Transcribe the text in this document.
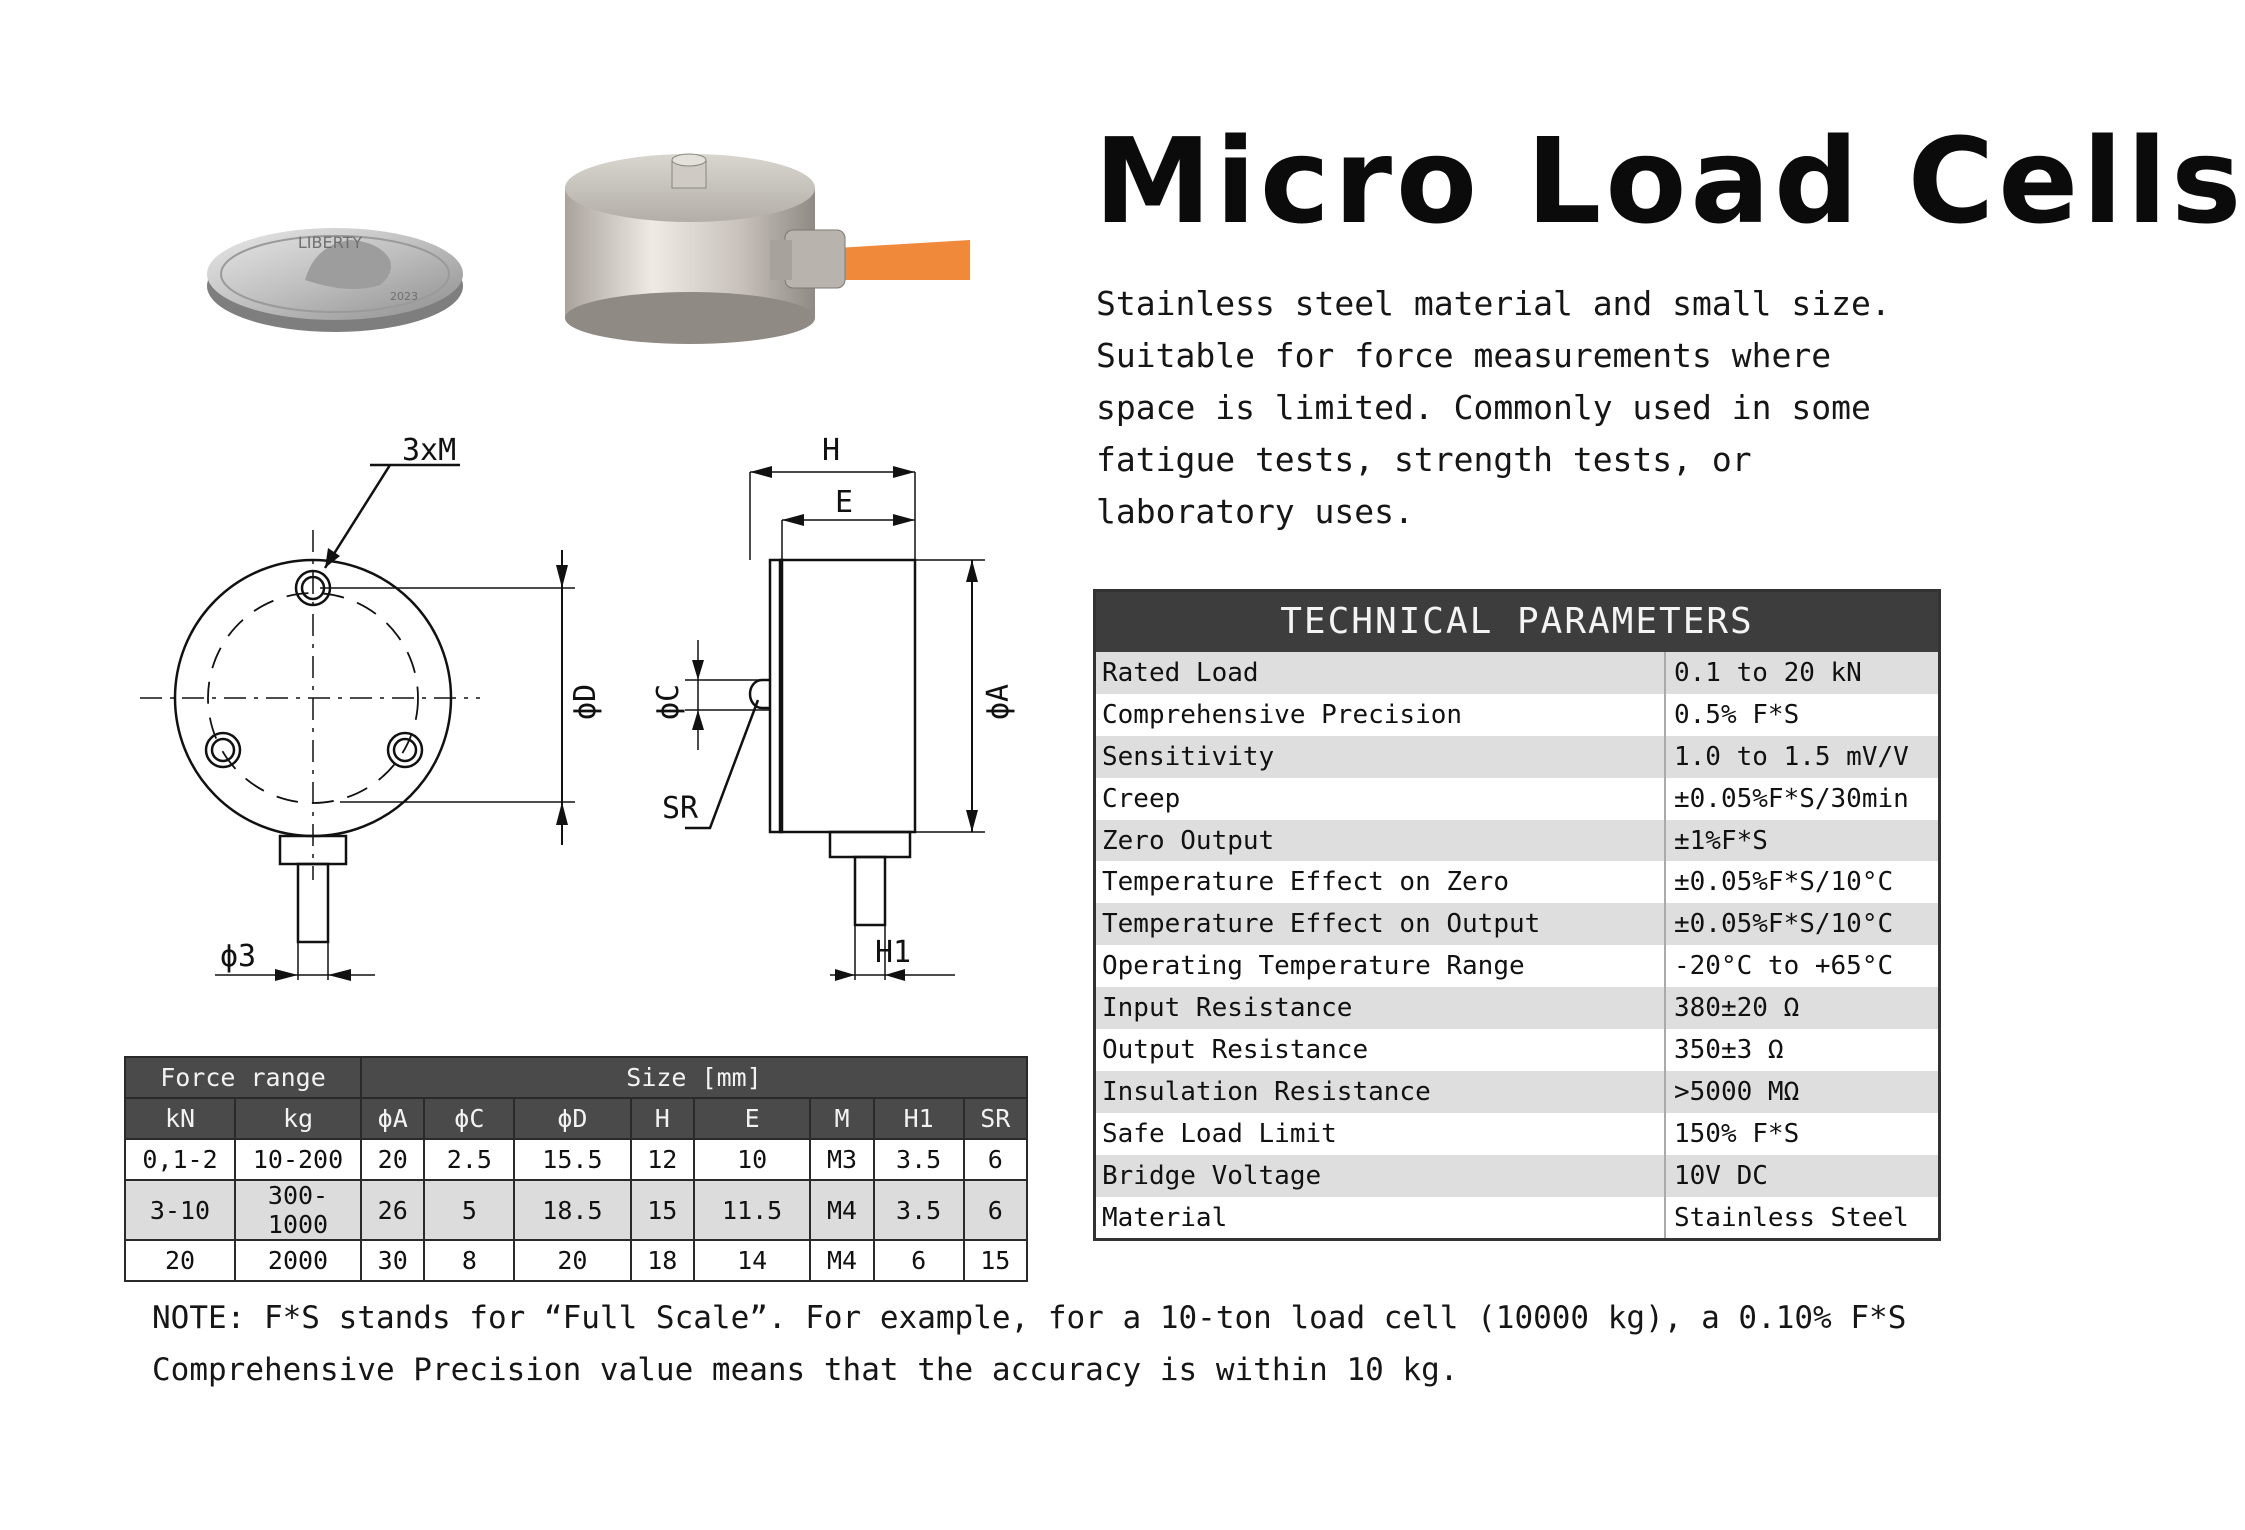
Micro Load Cells

Stainless steel material and small size. Suitable for force measurements where space is limited. Commonly used in some fatigue tests, strength tests, or laboratory uses.

LIBERTY
2023
3xM
ϕD
ϕ3
H
E
ϕC	ϕA
SR
H1
Force range		Size [mm]							
kN	kg	ϕA	ϕC	ϕD	H	E	M	H1	SR
0,1-2	10-200	20	2.5	15.5	12	10	M3	3.5	6
3-10	300-1000	26	5	18.5	15	11.5	M4	3.5	6
20	2000	30	8	20	18	14	M4	6	15
TECHNICAL PARAMETERS
Rated Load	0.1 to 20 kN
Comprehensive Precision	0.5% F*S
Sensitivity	1.0 to 1.5 mV/V
Creep	±0.05%F*S/30min
Zero Output	±1%F*S
Temperature Effect on Zero	±0.05%F*S/10°C
Temperature Effect on Output	±0.05%F*S/10°C
Operating Temperature Range	-20°C to +65°C
Input Resistance	380±20 Ω
Output Resistance	350±3 Ω
Insulation Resistance	>5000 MΩ
Safe Load Limit	150% F*S
Bridge Voltage	10V DC
Material	Stainless Steel

NOTE: F*S stands for “Full Scale”. For example, for a 10-ton load cell (10000 kg), a 0.10% F*S Comprehensive Precision value means that the accuracy is within 10 kg.
